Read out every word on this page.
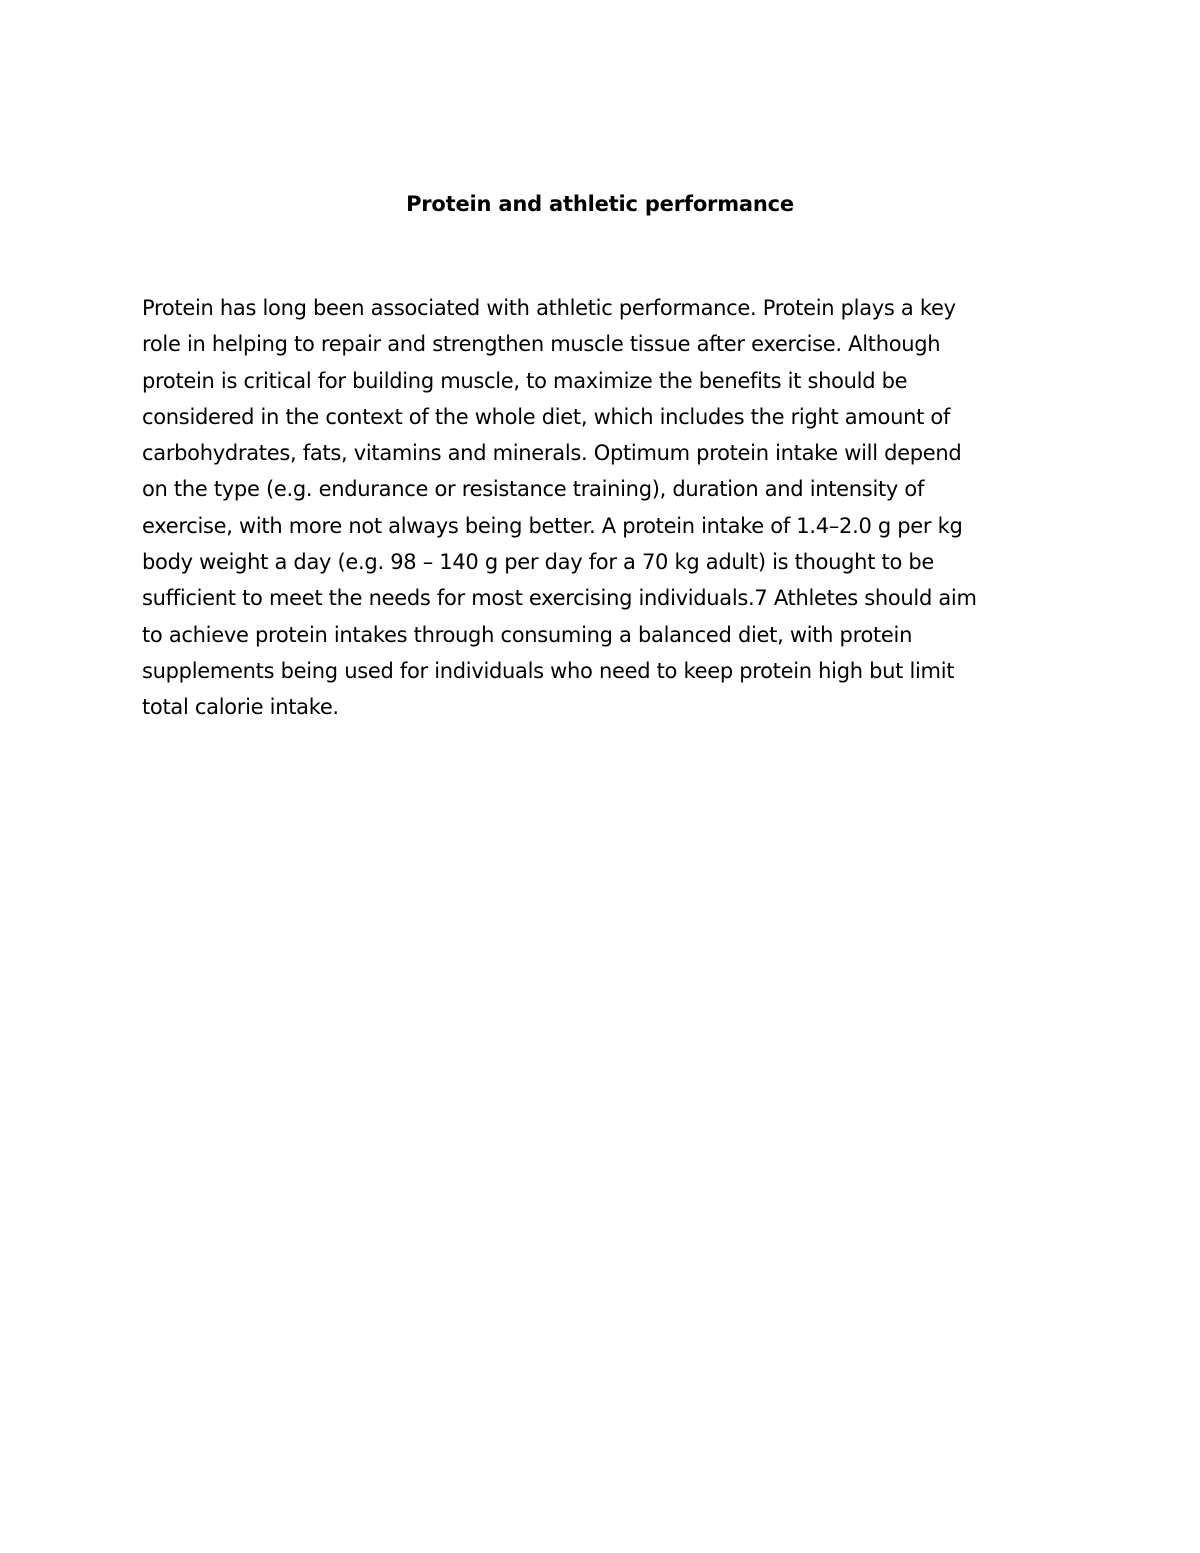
Protein and athletic performance

Protein has long been associated with athletic performance. Protein plays a key
role in helping to repair and strengthen muscle tissue after exercise. Although
protein is critical for building muscle, to maximize the benefits it should be
considered in the context of the whole diet, which includes the right amount of
carbohydrates, fats, vitamins and minerals. Optimum protein intake will depend
on the type (e.g. endurance or resistance training), duration and intensity of
exercise, with more not always being better. A protein intake of 1.4–2.0 g per kg
body weight a day (e.g. 98 – 140 g per day for a 70 kg adult) is thought to be
sufficient to meet the needs for most exercising individuals.7 Athletes should aim
to achieve protein intakes through consuming a balanced diet, with protein
supplements being used for individuals who need to keep protein high but limit
total calorie intake.
